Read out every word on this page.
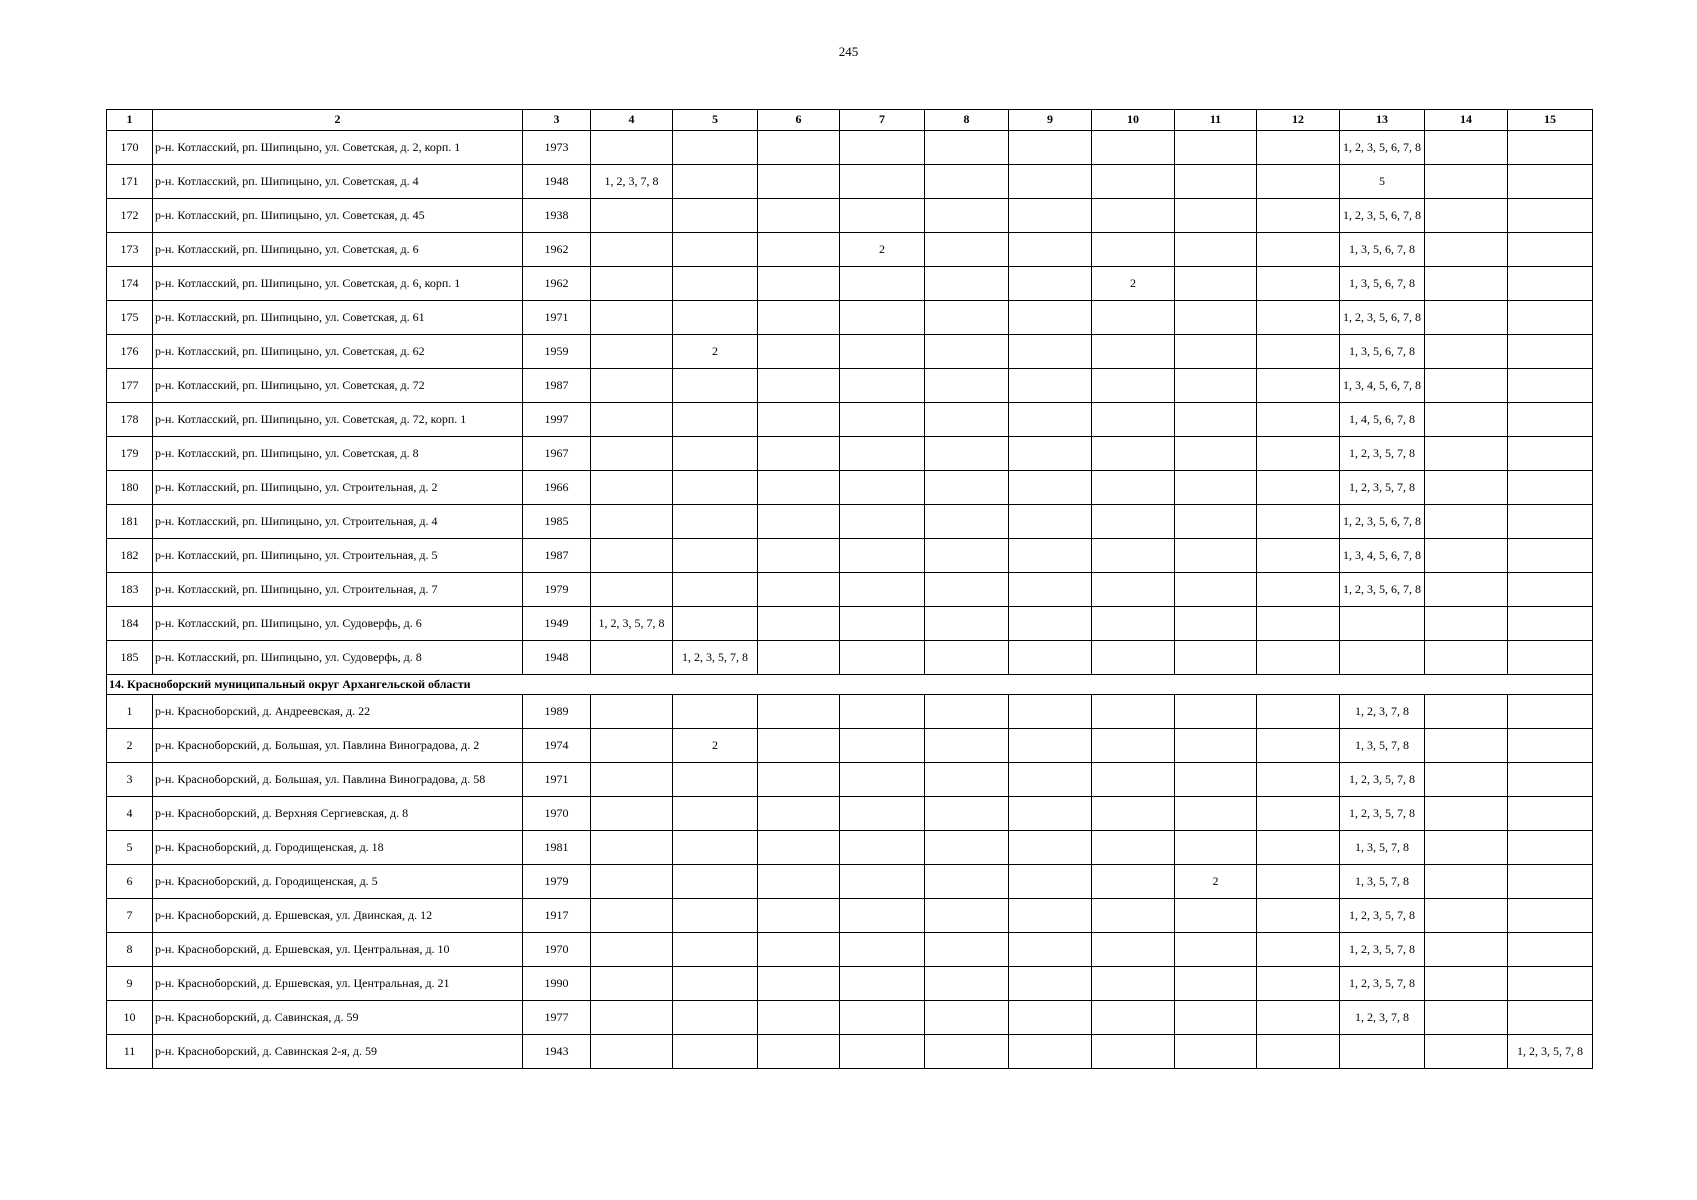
245
1	2	3	4	5	6	7	8	9	10	11	12	13	14	15
170	р-н. Котласский, рп. Шипицыно, ул. Советская, д. 2, корп. 1	1973										1, 2, 3, 5, 6, 7, 8		
171	р-н. Котласский, рп. Шипицыно, ул. Советская, д. 4	1948	1, 2, 3, 7, 8									5		
172	р-н. Котласский, рп. Шипицыно, ул. Советская, д. 45	1938										1, 2, 3, 5, 6, 7, 8		
173	р-н. Котласский, рп. Шипицыно, ул. Советская, д. 6	1962				2						1, 3, 5, 6, 7, 8		
174	р-н. Котласский, рп. Шипицыно, ул. Советская, д. 6, корп. 1	1962							2			1, 3, 5, 6, 7, 8		
175	р-н. Котласский, рп. Шипицыно, ул. Советская, д. 61	1971										1, 2, 3, 5, 6, 7, 8		
176	р-н. Котласский, рп. Шипицыно, ул. Советская, д. 62	1959		2								1, 3, 5, 6, 7, 8		
177	р-н. Котласский, рп. Шипицыно, ул. Советская, д. 72	1987										1, 3, 4, 5, 6, 7, 8		
178	р-н. Котласский, рп. Шипицыно, ул. Советская, д. 72, корп. 1	1997										1, 4, 5, 6, 7, 8		
179	р-н. Котласский, рп. Шипицыно, ул. Советская, д. 8	1967										1, 2, 3, 5, 7, 8		
180	р-н. Котласский, рп. Шипицыно, ул. Строительная, д. 2	1966										1, 2, 3, 5, 7, 8		
181	р-н. Котласский, рп. Шипицыно, ул. Строительная, д. 4	1985										1, 2, 3, 5, 6, 7, 8		
182	р-н. Котласский, рп. Шипицыно, ул. Строительная, д. 5	1987										1, 3, 4, 5, 6, 7, 8		
183	р-н. Котласский, рп. Шипицыно, ул. Строительная, д. 7	1979										1, 2, 3, 5, 6, 7, 8		
184	р-н. Котласский, рп. Шипицыно, ул. Судоверфь, д. 6	1949	1, 2, 3, 5, 7, 8											
185	р-н. Котласский, рп. Шипицыно, ул. Судоверфь, д. 8	1948		1, 2, 3, 5, 7, 8										
14. Красноборский муниципальный округ Архангельской области														
1	р-н. Красноборский, д. Андреевская, д. 22	1989										1, 2, 3, 7, 8		
2	р-н. Красноборский, д. Большая, ул. Павлина Виноградова, д. 2	1974		2								1, 3, 5, 7, 8		
3	р-н. Красноборский, д. Большая, ул. Павлина Виноградова, д. 58	1971										1, 2, 3, 5, 7, 8		
4	р-н. Красноборский, д. Верхняя Сергиевская, д. 8	1970										1, 2, 3, 5, 7, 8		
5	р-н. Красноборский, д. Городищенская, д. 18	1981										1, 3, 5, 7, 8		
6	р-н. Красноборский, д. Городищенская, д. 5	1979								2		1, 3, 5, 7, 8		
7	р-н. Красноборский, д. Ершевская, ул. Двинская, д. 12	1917										1, 2, 3, 5, 7, 8		
8	р-н. Красноборский, д. Ершевская, ул. Центральная, д. 10	1970										1, 2, 3, 5, 7, 8		
9	р-н. Красноборский, д. Ершевская, ул. Центральная, д. 21	1990										1, 2, 3, 5, 7, 8		
10	р-н. Красноборский, д. Савинская, д. 59	1977										1, 2, 3, 7, 8		
11	р-н. Красноборский, д. Савинская 2-я, д. 59	1943												1, 2, 3, 5, 7, 8
